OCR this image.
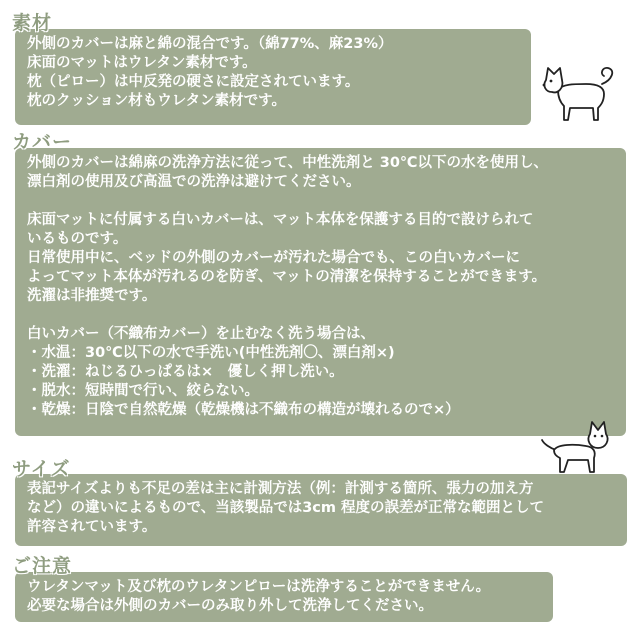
素材

外側のカバーは麻と綿の混合です。（綿77%、麻23%）

床面のマットはウレタン素材です。

枕（ピロー）は中反発の硬さに設定されています。

枕のクッション材もウレタン素材です。

カバー

外側のカバーは綿麻の洗浄方法に従って、中性洗剤と 30℃以下の水を使用し、
漂白剤の使用及び高温での洗浄は避けてください。

床面マットに付属する白いカバーは、マット本体を保護する目的で設けられて
いるものです。
日常使用中に、ベッドの外側のカバーが汚れた場合でも、この白いカバーに
よってマット本体が汚れるのを防ぎ、マットの清潔を保持することができます。
洗濯は非推奨です。

白いカバー（不織布カバー）を止むなく洗う場合は、
・水温：30℃以下の水で手洗い(中性洗剤〇、漂白剤×)
・洗濯：ねじるひっぱるは×　優しく押し洗い。
・脱水：短時間で行い、絞らない。
・乾燥：日陰で自然乾燥（乾燥機は不織布の構造が壊れるので×）

サイズ

表記サイズよりも不足の差は主に計測方法（例：計測する箇所、張力の加え方
など）の違いによるもので、当該製品では3cm 程度の誤差が正常な範囲として
許容されています。

ご注意

ウレタンマット及び枕のウレタンピローは洗浄することができません。
必要な場合は外側のカバーのみ取り外して洗浄してください。
